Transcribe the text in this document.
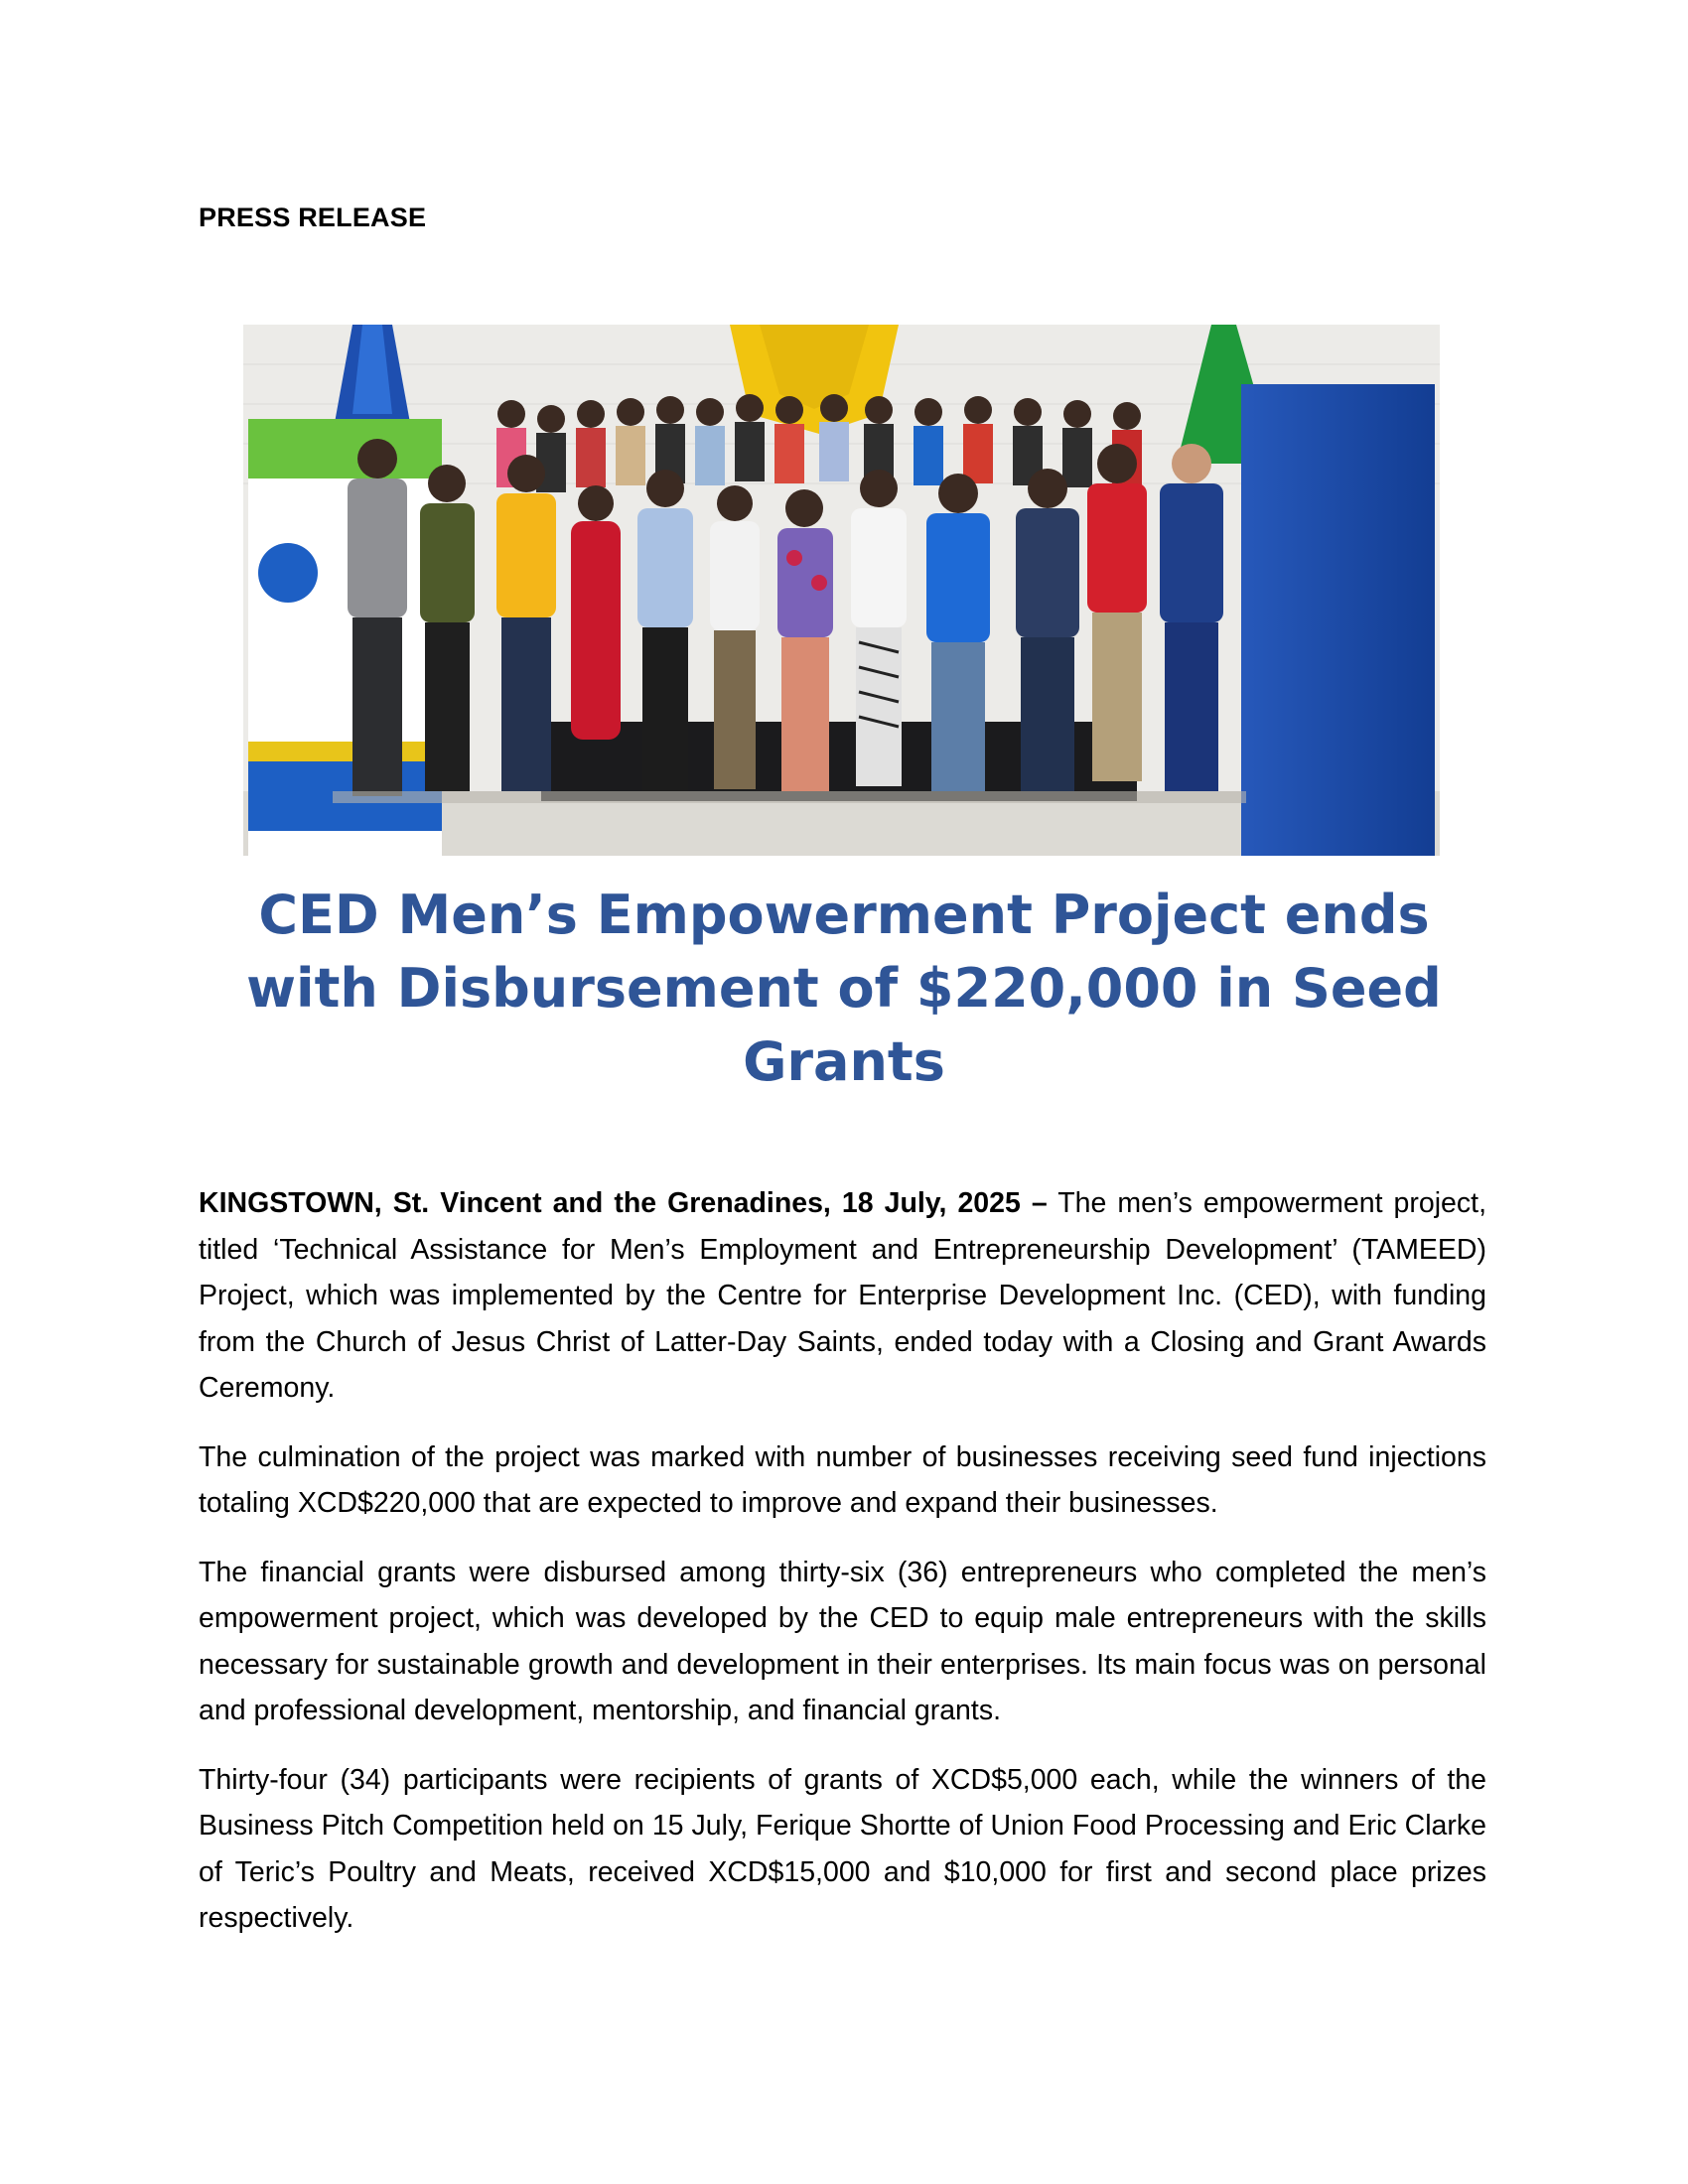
PRESS RELEASE
CED Men’s Empowerment Project ends with Disbursement of $220,000 in Seed Grants

KINGSTOWN, St. Vincent and the Grenadines, 18 July, 2025 – The men’s empowerment project, titled ‘Technical Assistance for Men’s Employment and Entrepreneurship Development’ (TAMEED) Project, which was implemented by the Centre for Enterprise Development Inc. (CED), with funding from the Church of Jesus Christ of Latter-Day Saints, ended today with a Closing and Grant Awards Ceremony.

The culmination of the project was marked with number of businesses receiving seed fund injections totaling XCD$220,000 that are expected to improve and expand their businesses.

The financial grants were disbursed among thirty-six (36) entrepreneurs who completed the men’s empowerment project, which was developed by the CED to equip male entrepreneurs with the skills necessary for sustainable growth and development in their enterprises. Its main focus was on personal and professional development, mentorship, and financial grants.

Thirty-four (34) participants were recipients of grants of XCD$5,000 each, while the winners of the Business Pitch Competition held on 15 July, Ferique Shortte of Union Food Processing and Eric Clarke of Teric’s Poultry and Meats, received XCD$15,000 and $10,000 for first and second place prizes respectively.
